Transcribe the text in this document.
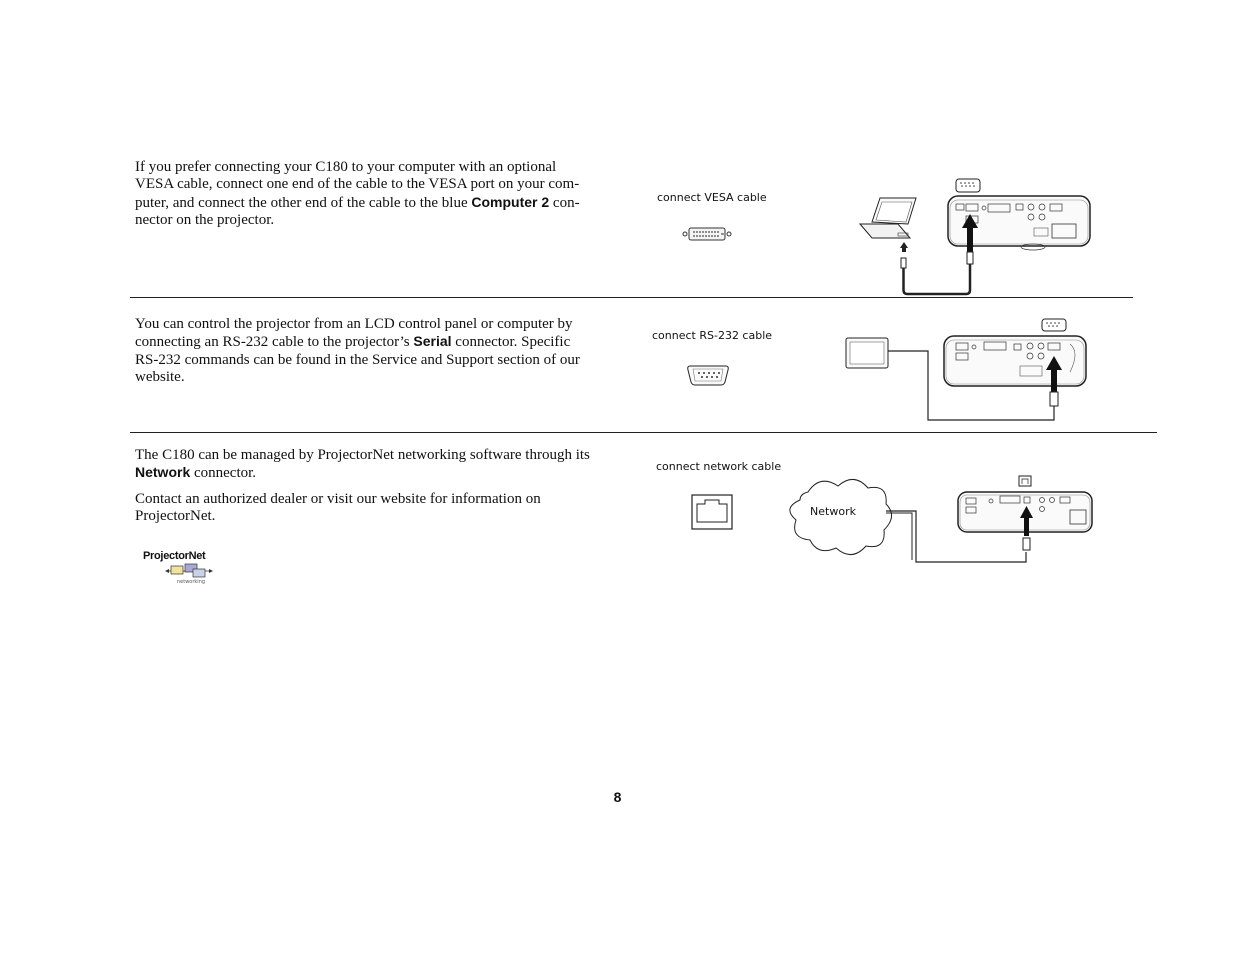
If you prefer connecting your C180 to your computer with an optional
VESA cable, connect one end of the cable to the VESA port on your com-
puter, and connect the other end of the cable to the blue Computer 2 con-
nector on the projector.
connect VESA cable
You can control the projector from an LCD control panel or computer by
connecting an RS-232 cable to the projector’s Serial connector. Specific
RS-232 commands can be found in the Service and Support section of our
website.
connect RS-232 cable
The C180 can be managed by ProjectorNet networking software through its
Network connector.
Contact an authorized dealer or visit our website for information on
ProjectorNet.
connect network cable
Network
ProjectorNet
networking
8
